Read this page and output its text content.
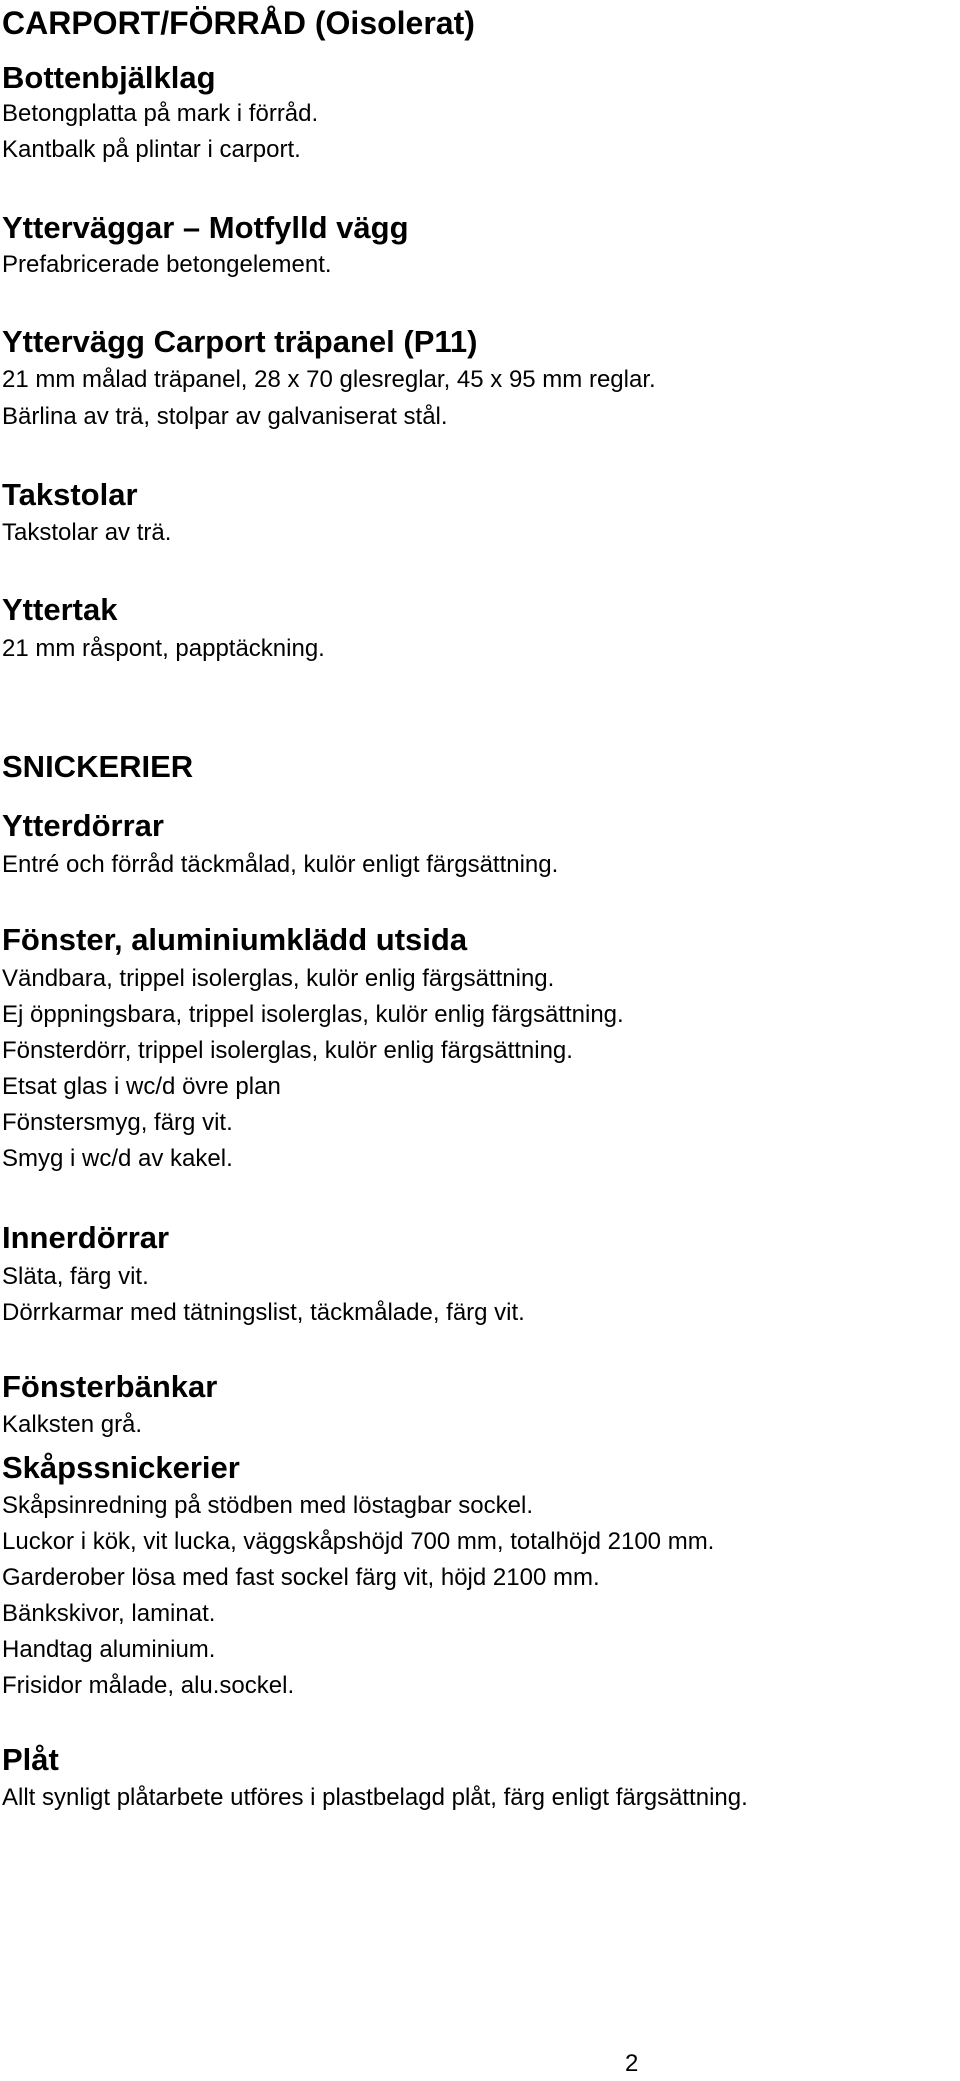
CARPORT/FÖRRÅD (Oisolerat)
Bottenbjälklag
Betongplatta på mark i förråd.
Kantbalk på plintar i carport.
Ytterväggar – Motfylld vägg
Prefabricerade betongelement.
Yttervägg Carport träpanel (P11)
21 mm målad träpanel, 28 x 70 glesreglar, 45 x 95 mm reglar.
Bärlina av trä, stolpar av galvaniserat stål.
Takstolar
Takstolar av trä.
Yttertak
21 mm råspont, papptäckning.
SNICKERIER
Ytterdörrar
Entré och förråd täckmålad, kulör enligt färgsättning.
Fönster, aluminiumklädd utsida
Vändbara, trippel isolerglas, kulör enlig färgsättning.
Ej öppningsbara, trippel isolerglas, kulör enlig färgsättning.
Fönsterdörr, trippel isolerglas, kulör enlig färgsättning.
Etsat glas i wc/d övre plan
Fönstersmyg, färg vit.
Smyg i wc/d av kakel.
Innerdörrar
Släta, färg vit.
Dörrkarmar med tätningslist, täckmålade, färg vit.
Fönsterbänkar
Kalksten grå.
Skåpssnickerier
Skåpsinredning på stödben med löstagbar sockel.
Luckor i kök, vit lucka, väggskåpshöjd 700 mm, totalhöjd 2100 mm.
Garderober lösa med fast sockel färg vit, höjd 2100 mm.
Bänkskivor, laminat.
Handtag aluminium.
Frisidor målade, alu.sockel.
Plåt
Allt synligt plåtarbete utföres i plastbelagd plåt, färg enligt färgsättning.
2
